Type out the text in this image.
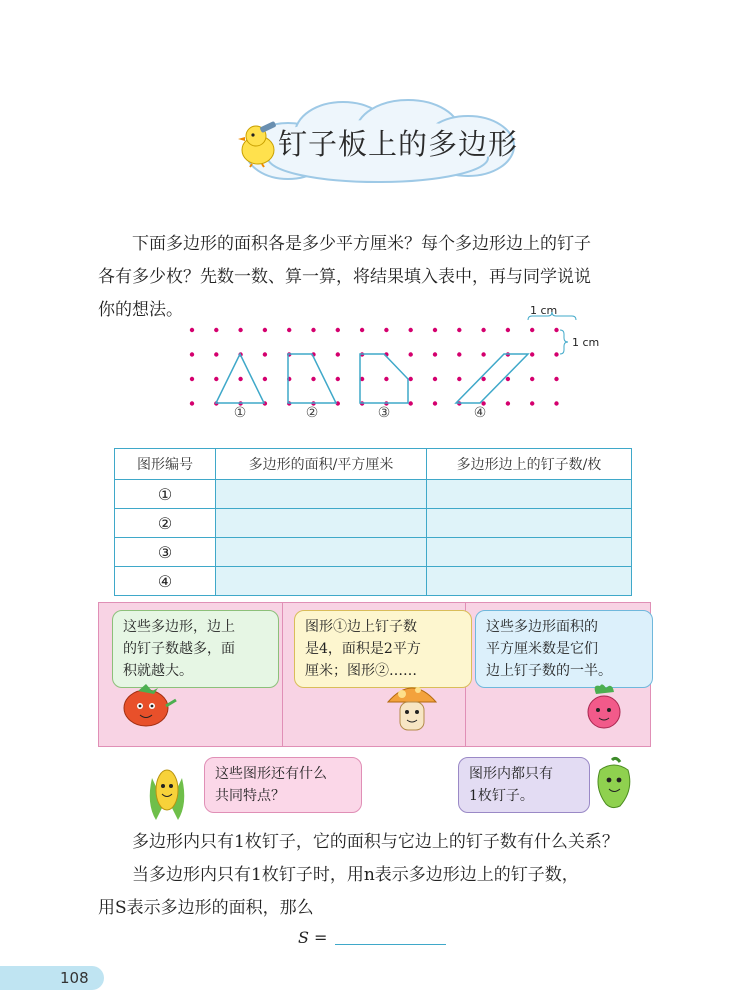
钉子板上的多边形

下面多边形的面积各是多少平方厘米？每个多边形边上的钉子

各有多少枚？先数一数、算一算，将结果填入表中，再与同学说说

你的想法。	1 cm
1 cm
①	②	③	④
图形编号	多边形的面积/平方厘米	多边形边上的钉子数/枚
①		
②		
③		
④		
这些多边形，边上
的钉子数越多，面
积就越大。
图形①边上钉子数
是4，面积是2平方
厘米；图形②……
这些多边形面积的
平方厘米数是它们
边上钉子数的一半。
这些图形还有什么
共同特点？
图形内都只有
1枚钉子。

多边形内只有1枚钉子，它的面积与它边上的钉子数有什么关系？

当多边形内只有1枚钉子时，用n表示多边形边上的钉子数，

用S表示多边形的面积，那么

S =
108
